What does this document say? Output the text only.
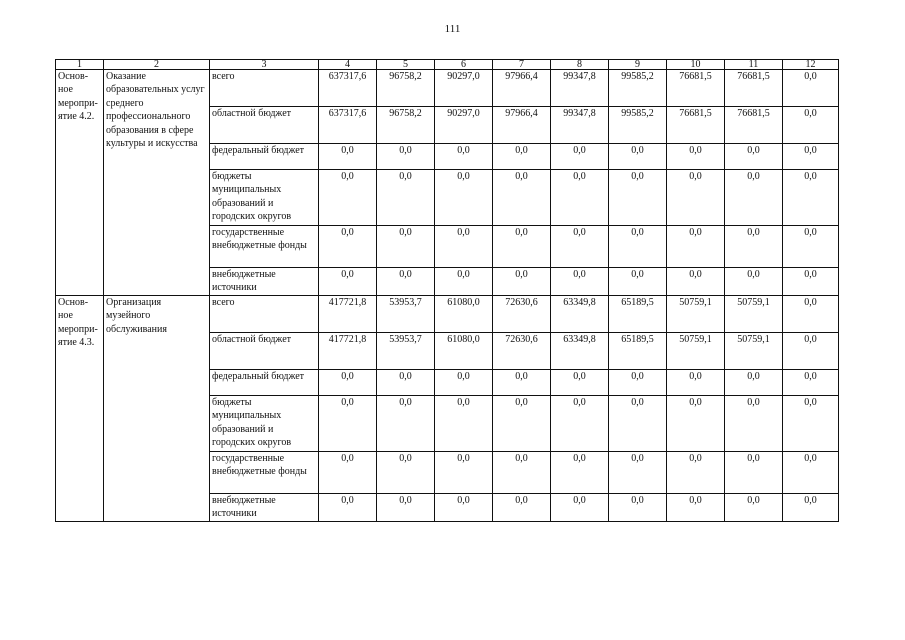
111
1	2	3	4	5	6	7	8	9	10	11	12
Основ-ное меропри-ятие 4.2.	Оказание образовательных услуг среднего профессионального образования в сфере культуры и искусства	всего	637317,6	96758,2	90297,0	97966,4	99347,8	99585,2	76681,5	76681,5	0,0
		областной бюджет	637317,6	96758,2	90297,0	97966,4	99347,8	99585,2	76681,5	76681,5	0,0
		федеральный бюджет	0,0	0,0	0,0	0,0	0,0	0,0	0,0	0,0	0,0
		бюджеты муниципальных образований и городских округов	0,0	0,0	0,0	0,0	0,0	0,0	0,0	0,0	0,0
		государственные внебюджетные фонды	0,0	0,0	0,0	0,0	0,0	0,0	0,0	0,0	0,0
		внебюджетные источники	0,0	0,0	0,0	0,0	0,0	0,0	0,0	0,0	0,0
Основ-ное меропри-ятие 4.3.	Организация музейного обслуживания	всего	417721,8	53953,7	61080,0	72630,6	63349,8	65189,5	50759,1	50759,1	0,0
		областной бюджет	417721,8	53953,7	61080,0	72630,6	63349,8	65189,5	50759,1	50759,1	0,0
		федеральный бюджет	0,0	0,0	0,0	0,0	0,0	0,0	0,0	0,0	0,0
		бюджеты муниципальных образований и городских округов	0,0	0,0	0,0	0,0	0,0	0,0	0,0	0,0	0,0
		государственные внебюджетные фонды	0,0	0,0	0,0	0,0	0,0	0,0	0,0	0,0	0,0
		внебюджетные источники	0,0	0,0	0,0	0,0	0,0	0,0	0,0	0,0	0,0
